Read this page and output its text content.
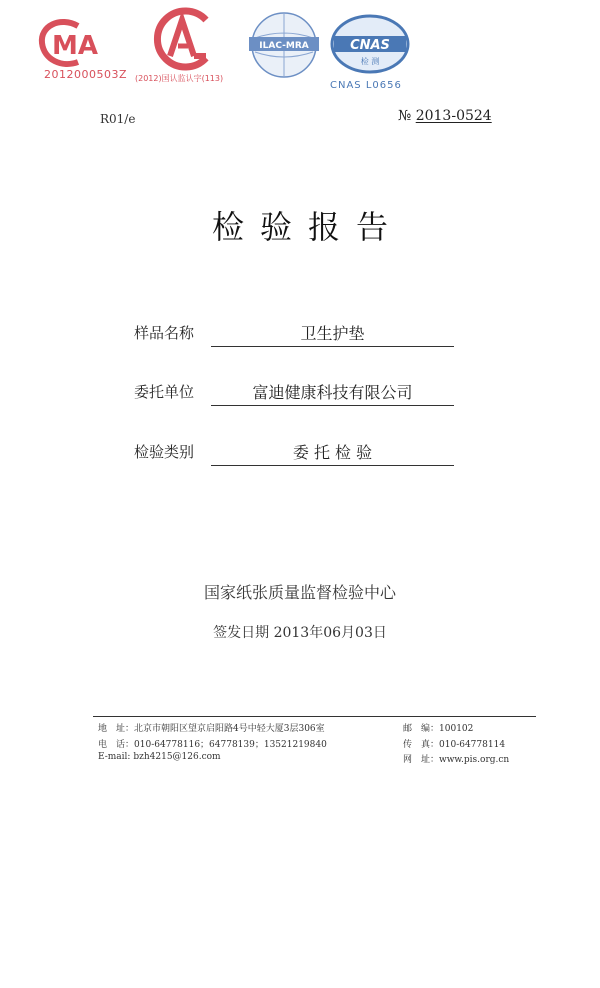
MA
2012000503Z (2012)国认监认字(113)
ILAC-MRA	CNAS
检 测
CNAS L0656
R01/e	№ 2013-0524
检验报告
样品名称	卫生护垫
委托单位	富迪健康科技有限公司
检验类别	委 托 检 验
国家纸张质量监督检验中心
签发日期 2013年06月03日
地　址：北京市朝阳区望京启阳路4号中轻大厦3层306室	邮　编：100102
电　话：010-64778116；64778139；13521219840	传　真：010-64778114
E-mail: bzh4215@126.com	网　址：www.pis.org.cn
